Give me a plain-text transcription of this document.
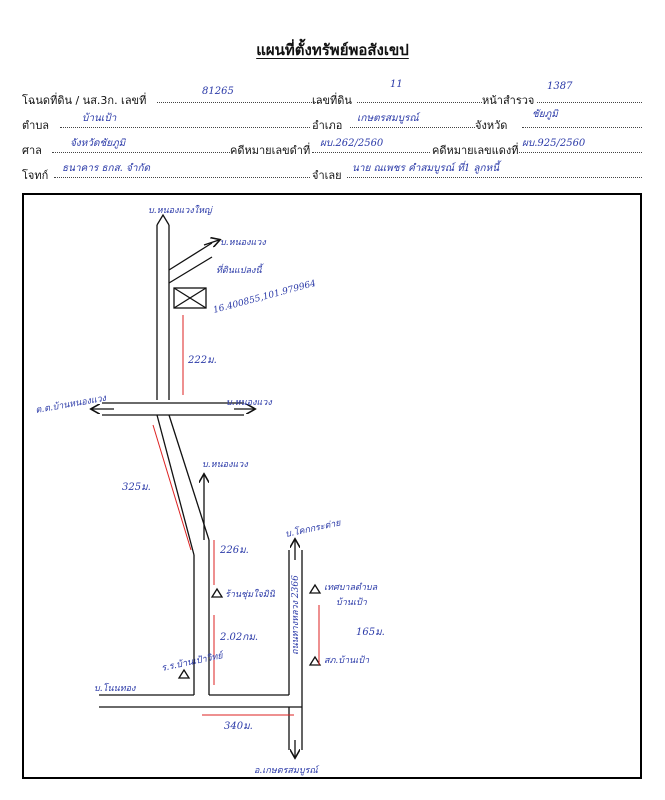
แผนที่ตั้งทรัพย์พอสังเขป
โฉนดที่ดิน / นส.3ก. เลขที่
81265
เลขที่ดิน
11
หน้าสำรวจ
1387
ตำบล
บ้านเป้า
อำเภอ
เกษตรสมบูรณ์
จังหวัด
ชัยภูมิ
ศาล
จังหวัดชัยภูมิ
คดีหมายเลขดำที่
ผบ.262/2560
คดีหมายเลขแดงที่
ผบ.925/2560
โจทก์
ธนาคาร ธกส. จำกัด
จำเลย
นาย ณเพชร คำสมบูรณ์ ที่1 ลูกหนี้
บ.หนองแวงใหญ่
บ.หนองแวง
ที่ดินแปลงนี้
16.400855,101.979964
222ม.
ต.ต.บ้านหนองแวง	บ.หนองแวง
325ม.
บ.หนองแวง
226ม.
ร้านชุ่มใจมินิ
2.02กม.
บ.โคกกระต่าย
ถนนทางหลวง 2366	เทศบาลตำบล
บ้านเป้า
165ม.
สภ.บ้านเป้า
ร.ร.บ้านเป้าวิทย์
บ.โนนทอง
340ม.
อ.เกษตรสมบูรณ์
